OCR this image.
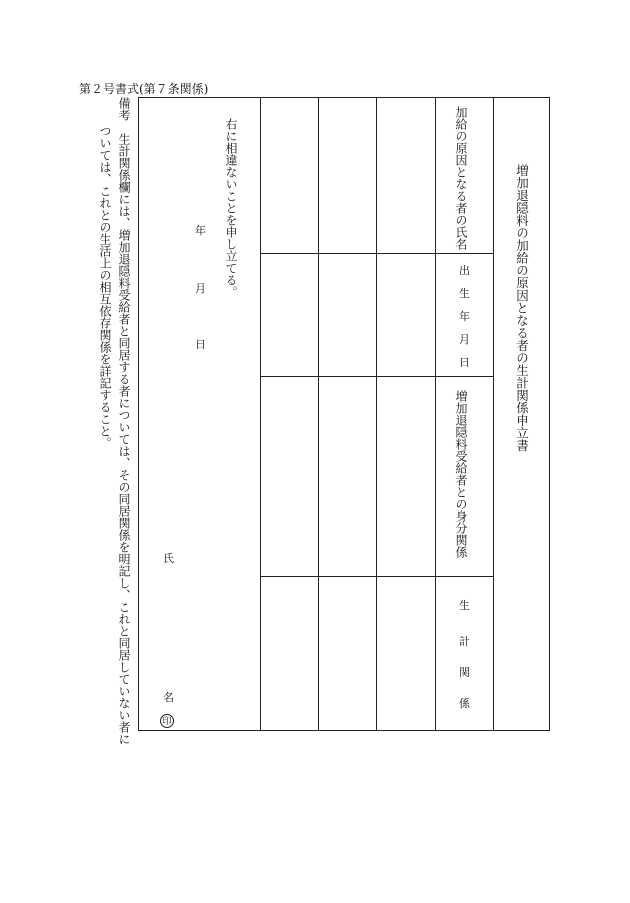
第２号書式(第７条関係)
増加退隠料の加給の原因となる者の生計関係申立書
加給の原因となる者の氏名
出
生
年
月
日
増加退隠料受給者との身分関係
生
計
関
係
右に相違ないことを申し立てる。
年
月
日
氏
名
印
備考　生計関係欄には、増加退隠料受給者と同居する者については、その同居関係を明記し、これと同居していない者に
ついては、これとの生活上の相互依存関係を詳記すること。
